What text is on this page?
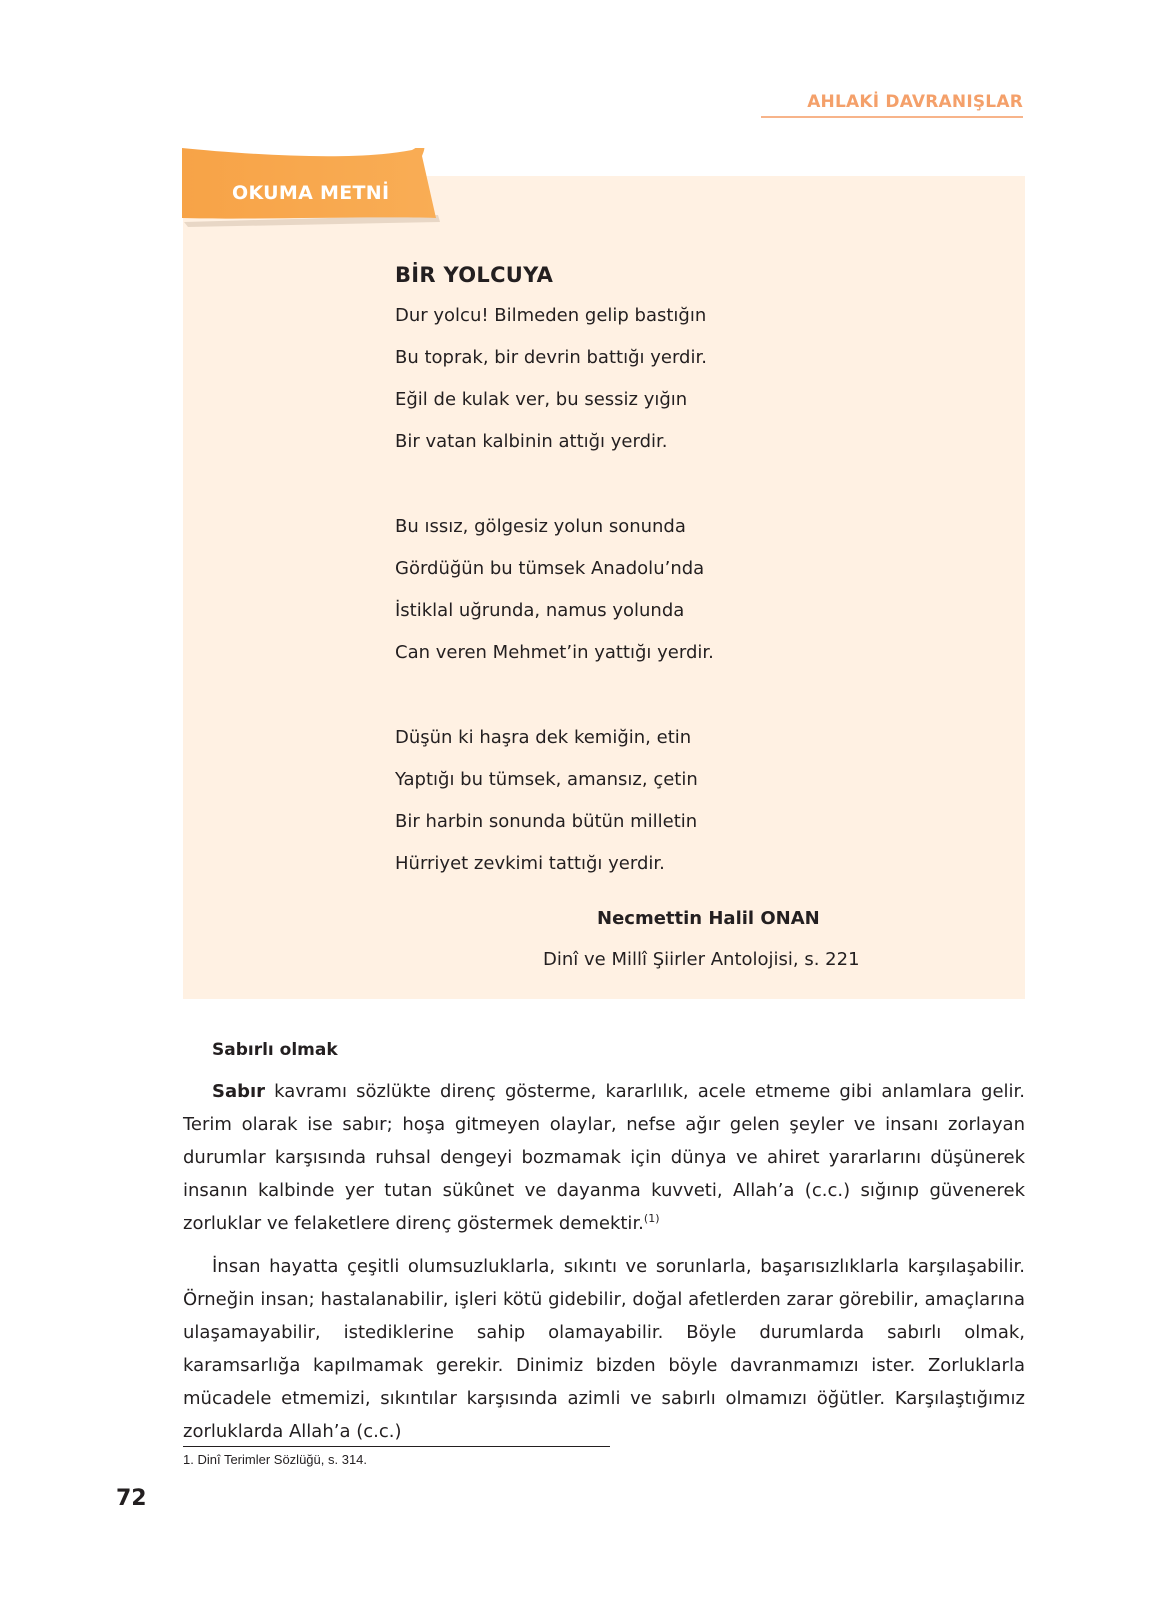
AHLAKİ DAVRANIŞLAR
OKUMA METNİ
BİR YOLCUYA
Dur yolcu! Bilmeden gelip bastığın
Bu toprak, bir devrin battığı yerdir.
Eğil de kulak ver, bu sessiz yığın
Bir vatan kalbinin attığı yerdir.
Bu ıssız, gölgesiz yolun sonunda
Gördüğün bu tümsek Anadolu’nda
İstiklal uğrunda, namus yolunda
Can veren Mehmet’in yattığı yerdir.
Düşün ki haşra dek kemiğin, etin
Yaptığı bu tümsek, amansız, çetin
Bir harbin sonunda bütün milletin
Hürriyet zevkimi tattığı yerdir.
Necmettin Halil ONAN
Dinî ve Millî Şiirler Antolojisi, s. 221
Sabırlı olmak

Sabır kavramı sözlükte direnç gösterme, kararlılık, acele etmeme gibi anlamlara gelir. Terim olarak ise sabır; hoşa gitmeyen olaylar, nefse ağır gelen şeyler ve insanı zorlayan durumlar karşısında ruhsal dengeyi bozmamak için dünya ve ahiret yararlarını düşünerek insanın kalbinde yer tutan sükûnet ve dayanma kuvveti, Allah’a (c.c.) sığınıp güvenerek zorluklar ve felaketlere direnç göstermek demektir.$^{(1)}$

İnsan hayatta çeşitli olumsuzluklarla, sıkıntı ve sorunlarla, başarısızlıklarla karşılaşabilir. Örneğin insan; hastalanabilir, işleri kötü gidebilir, doğal afetlerden zarar görebilir, amaçlarına ulaşamayabilir, istediklerine sahip olamayabilir. Böyle durumlarda sabırlı olmak, karamsarlığa kapılmamak gerekir. Dinimiz bizden böyle davranmamızı ister. Zorluklarla mücadele etmemizi, sıkıntılar karşısında azimli ve sabırlı olmamızı öğütler. Karşılaştığımız zorluklarda Allah’a (c.c.)

1. Dinî Terimler Sözlüğü, s. 314.
72
